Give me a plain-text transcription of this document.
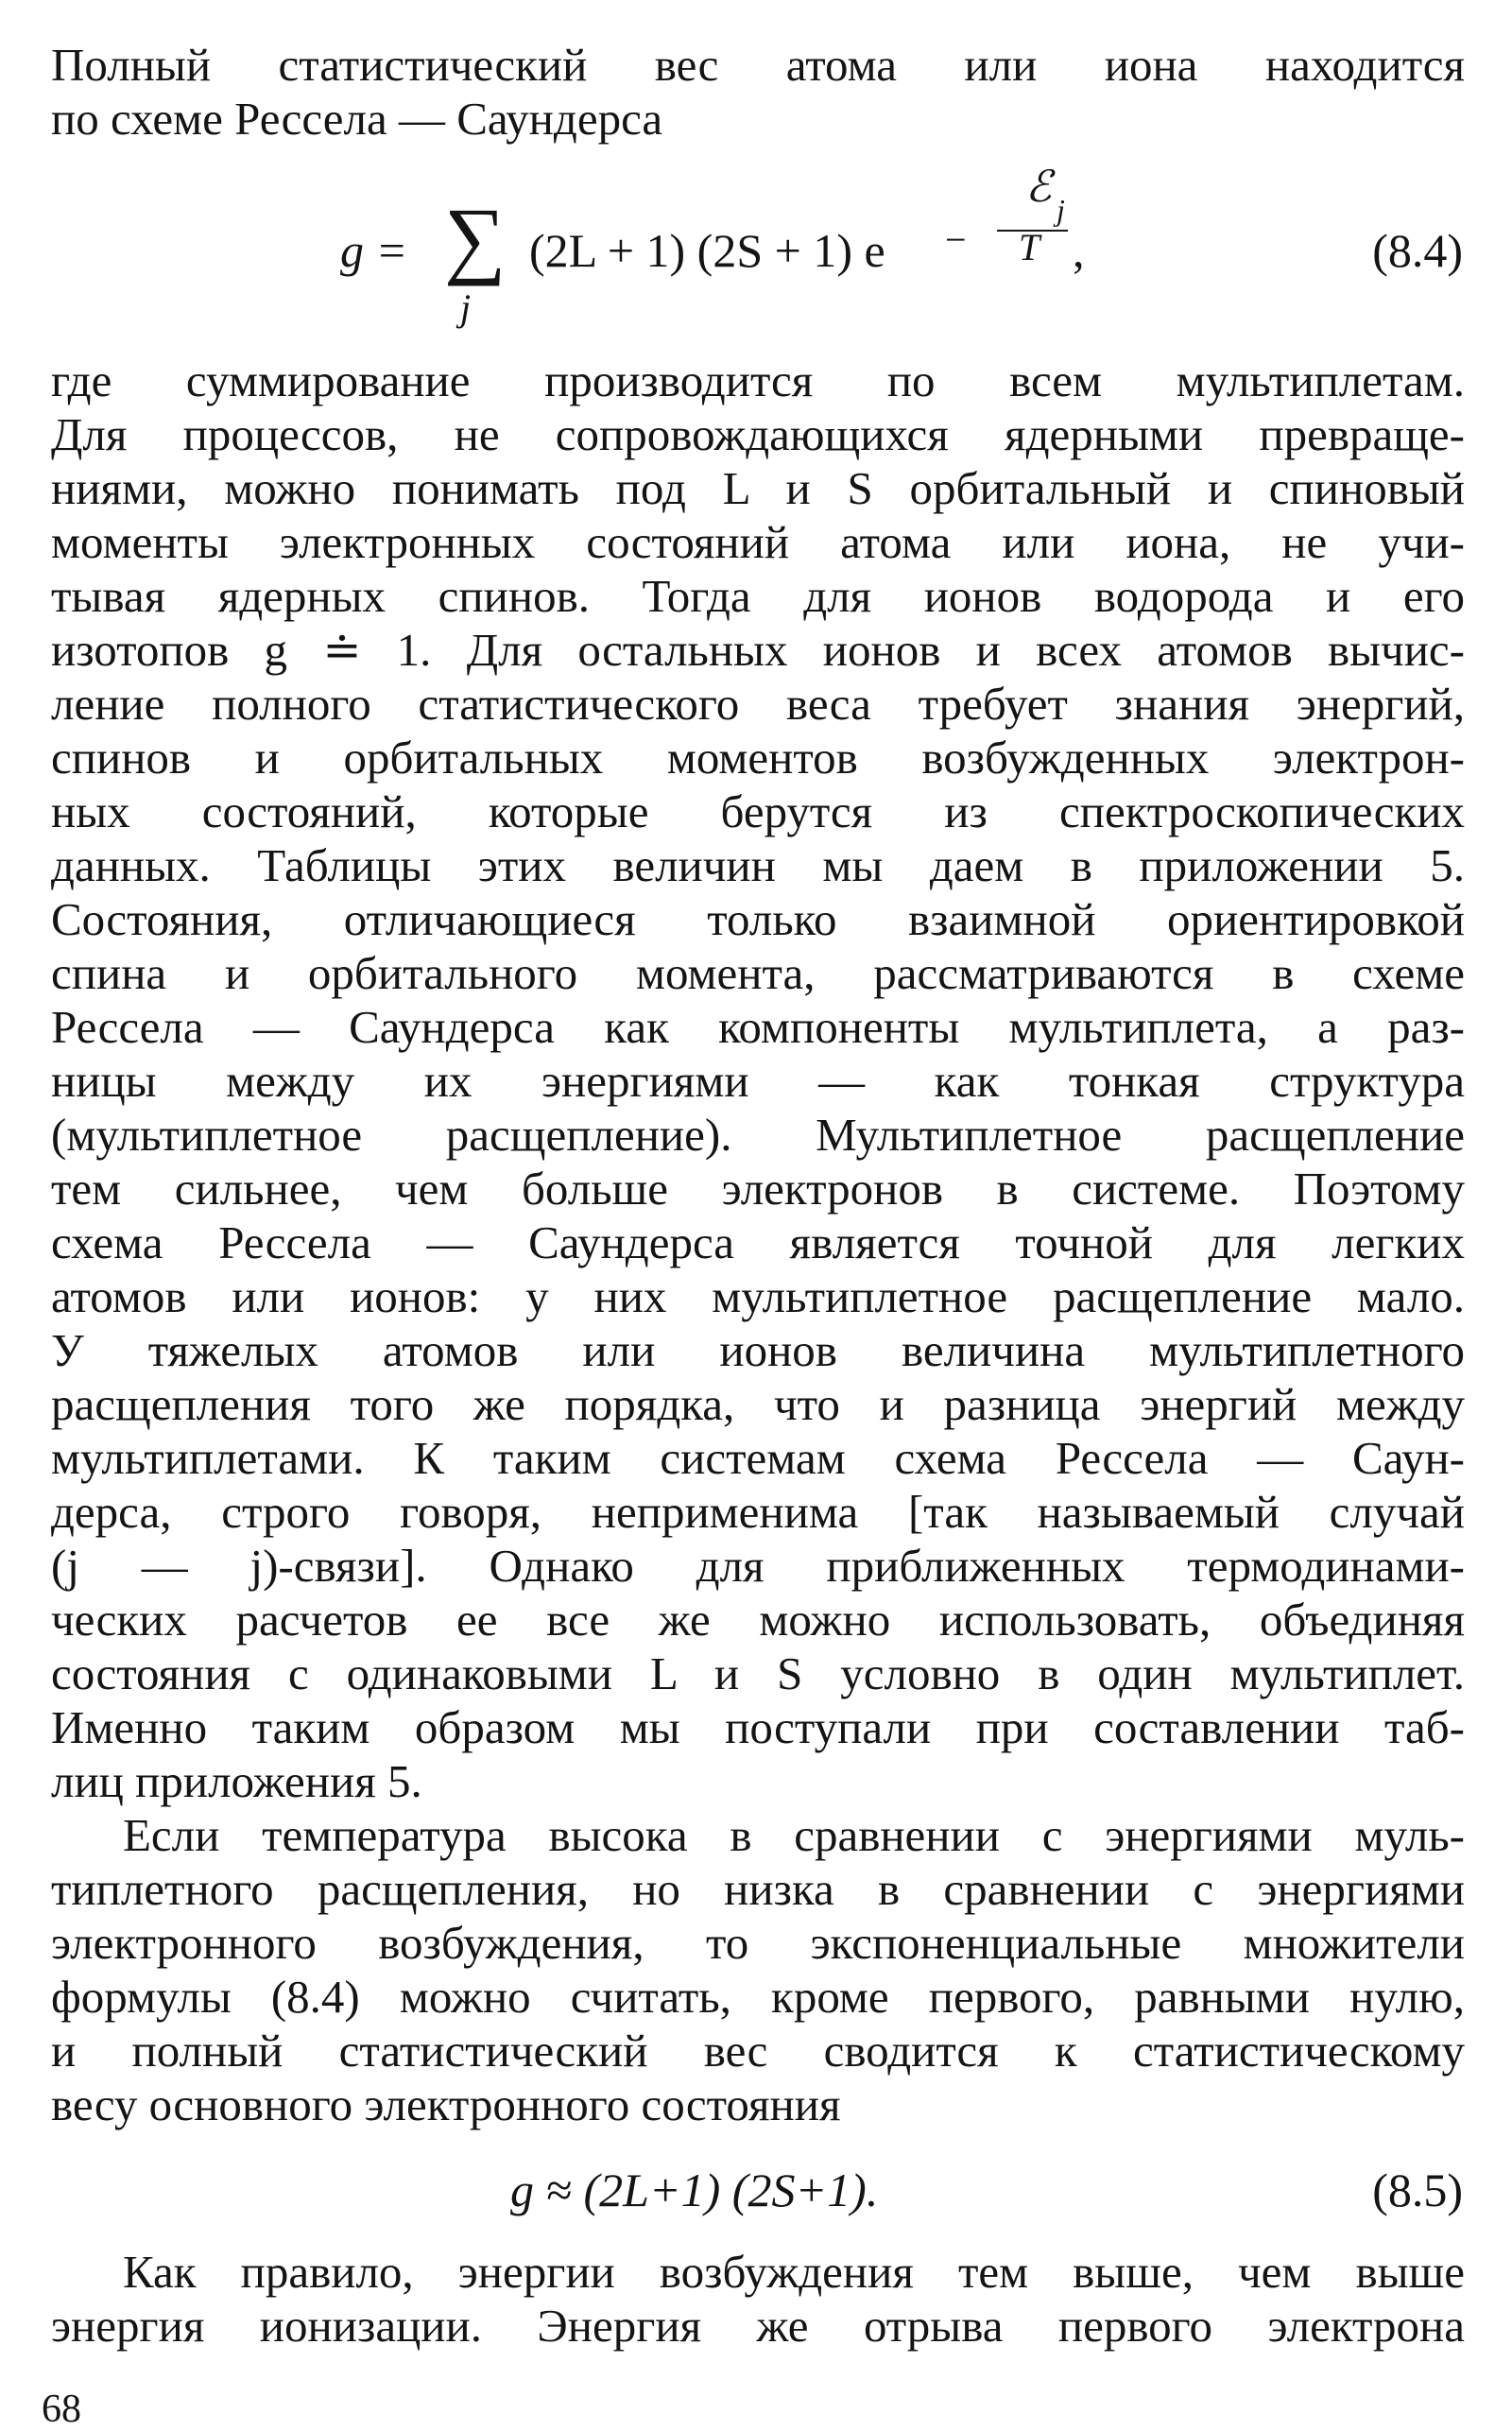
Полный статистический вес атома или иона находится
по схеме Рессела — Саундерса
g = ∑
j
(2L + 1) (2S + 1) e −
ℰ j
T ,	(8.4)
где суммирование производится по всем мультиплетам.
Для процессов, не сопровождающихся ядерными превраще-
ниями, можно понимать под L и S орбитальный и спиновый
моменты электронных состояний атома или иона, не учи-
тывая ядерных спинов. Тогда для ионов водорода и его
изотопов g ≐ 1. Для остальных ионов и всех атомов вычис-
ление полного статистического веса требует знания энергий,
спинов и орбитальных моментов возбужденных электрон-
ных состояний, которые берутся из спектроскопических
данных. Таблицы этих величин мы даем в приложении 5.
Состояния, отличающиеся только взаимной ориентировкой
спина и орбитального момента, рассматриваются в схеме
Рессела — Саундерса как компоненты мультиплета, а раз-
ницы между их энергиями — как тонкая структура
(мультиплетное расщепление). Мультиплетное расщепление
тем сильнее, чем больше электронов в системе. Поэтому
схема Рессела — Саундерса является точной для легких
атомов или ионов: у них мультиплетное расщепление мало.
У тяжелых атомов или ионов величина мультиплетного
расщепления того же порядка, что и разница энергий между
мультиплетами. К таким системам схема Рессела — Саун-
дерса, строго говоря, неприменима [так называемый случай
(j — j)-связи]. Однако для приближенных термодинами-
ческих расчетов ее все же можно использовать, объединяя
состояния с одинаковыми L и S условно в один мультиплет.
Именно таким образом мы поступали при составлении таб-
лиц приложения 5.
Если температура высока в сравнении с энергиями муль-
типлетного расщепления, но низка в сравнении с энергиями
электронного возбуждения, то экспоненциальные множители
формулы (8.4) можно считать, кроме первого, равными нулю,
и полный статистический вес сводится к статистическому
весу основного электронного состояния
g ≈ (2L+1) (2S+1).	(8.5)
Как правило, энергии возбуждения тем выше, чем выше
энергия ионизации. Энергия же отрыва первого электрона
68
